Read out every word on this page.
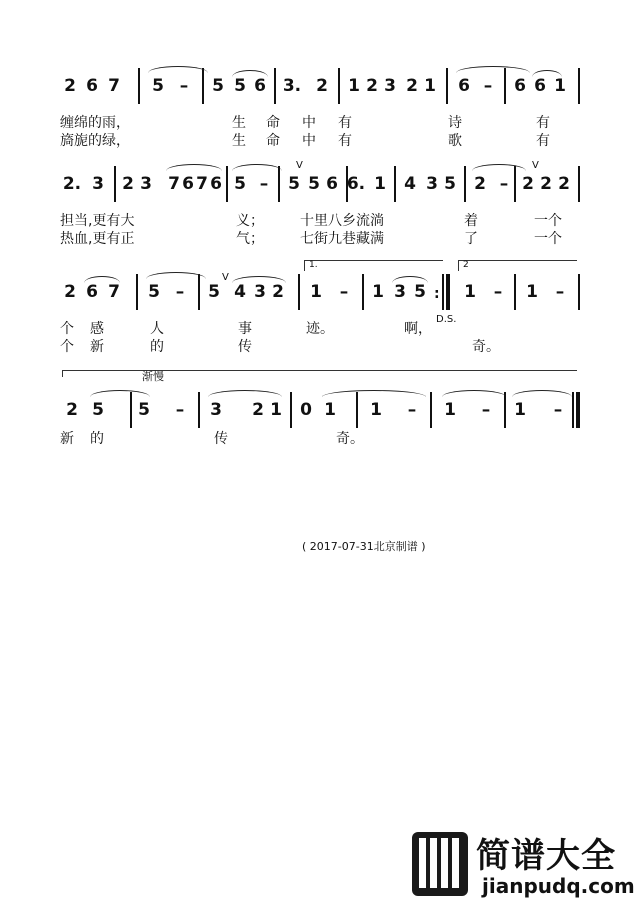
2 6 7 5 –	5 5 6 3. 2 1 2 3 2 1 6 –	6 6 1
缠绵的雨，	生 命 中 有	诗	有
旖旎的绿，	生 命 中 有	歌	有
2. 3 2 3 7 6 7 6 5 –	5 5 6 6. 1 4 3 5 2 – 2 2 2
V	V
担当,更有大	义；	十里八乡流淌	着	一个
热血,更有正	气；	七街九巷藏满	了	一个
1.	2
2 6 7 5 –	5 4 3 2 1	–	1 3 5 : 1	–	1	–
V
个 感	人	事	迹。	啊，
D.S.
个 新	的	传	奇。
渐慢
2 5 5	–	3 2 1 0 1 1	–	1	–	1	–
新 的	传	奇。
( 2017-07-31北京制谱 )
简谱大全
jianpudq.com
